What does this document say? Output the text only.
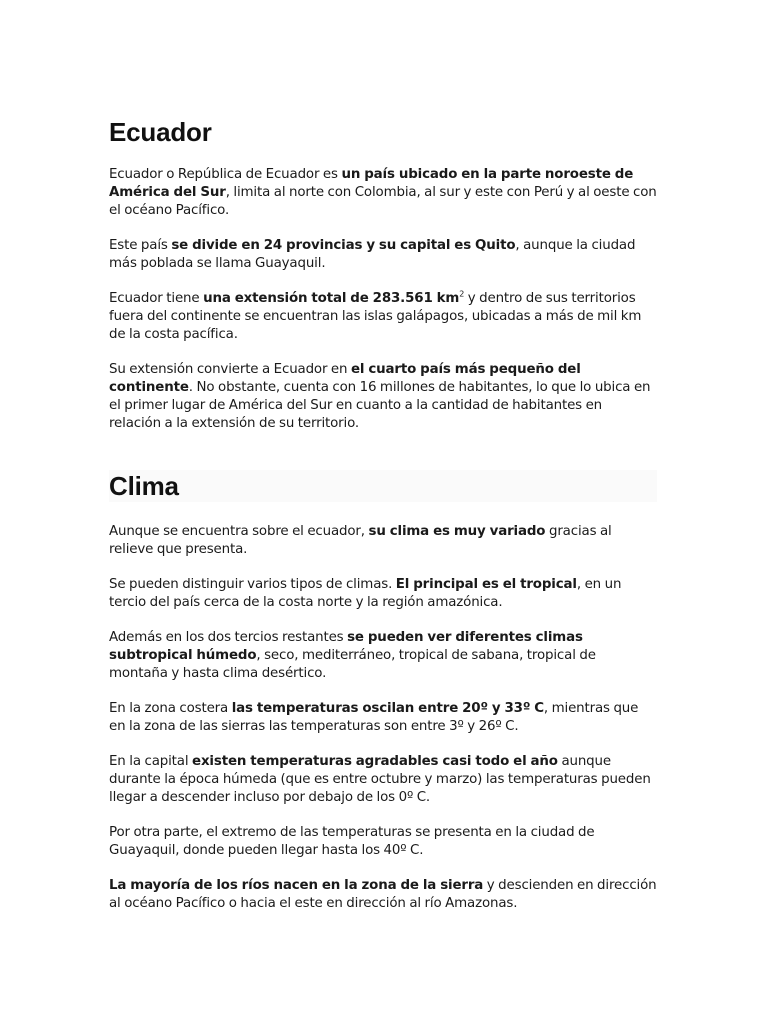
Ecuador

Ecuador o República de Ecuador es un país ubicado en la parte noroeste de América del Sur, limita al norte con Colombia, al sur y este con Perú y al oeste con el océano Pacífico.

Este país se divide en 24 provincias y su capital es Quito, aunque la ciudad más poblada se llama Guayaquil.

Ecuador tiene una extensión total de 283.561 $km^2$ y dentro de sus territorios fuera del continente se encuentran las islas galápagos, ubicadas a más de mil km de la costa pacífica.

Su extensión convierte a Ecuador en el cuarto país más pequeño del continente. No obstante, cuenta con 16 millones de habitantes, lo que lo ubica en el primer lugar de América del Sur en cuanto a la cantidad de habitantes en relación a la extensión de su territorio.

Clima

Aunque se encuentra sobre el ecuador, su clima es muy variado gracias al relieve que presenta.

Se pueden distinguir varios tipos de climas. El principal es el tropical, en un tercio del país cerca de la costa norte y la región amazónica.

Además en los dos tercios restantes se pueden ver diferentes climas subtropical húmedo, seco, mediterráneo, tropical de sabana, tropical de montaña y hasta clima desértico.

En la zona costera las temperaturas oscilan entre 20º y 33º C, mientras que en la zona de las sierras las temperaturas son entre 3º y 26º C.

En la capital existen temperaturas agradables casi todo el año aunque durante la época húmeda (que es entre octubre y marzo) las temperaturas pueden llegar a descender incluso por debajo de los 0º C.

Por otra parte, el extremo de las temperaturas se presenta en la ciudad de Guayaquil, donde pueden llegar hasta los 40º C.

La mayoría de los ríos nacen en la zona de la sierra y descienden en dirección al océano Pacífico o hacia el este en dirección al río Amazonas.
